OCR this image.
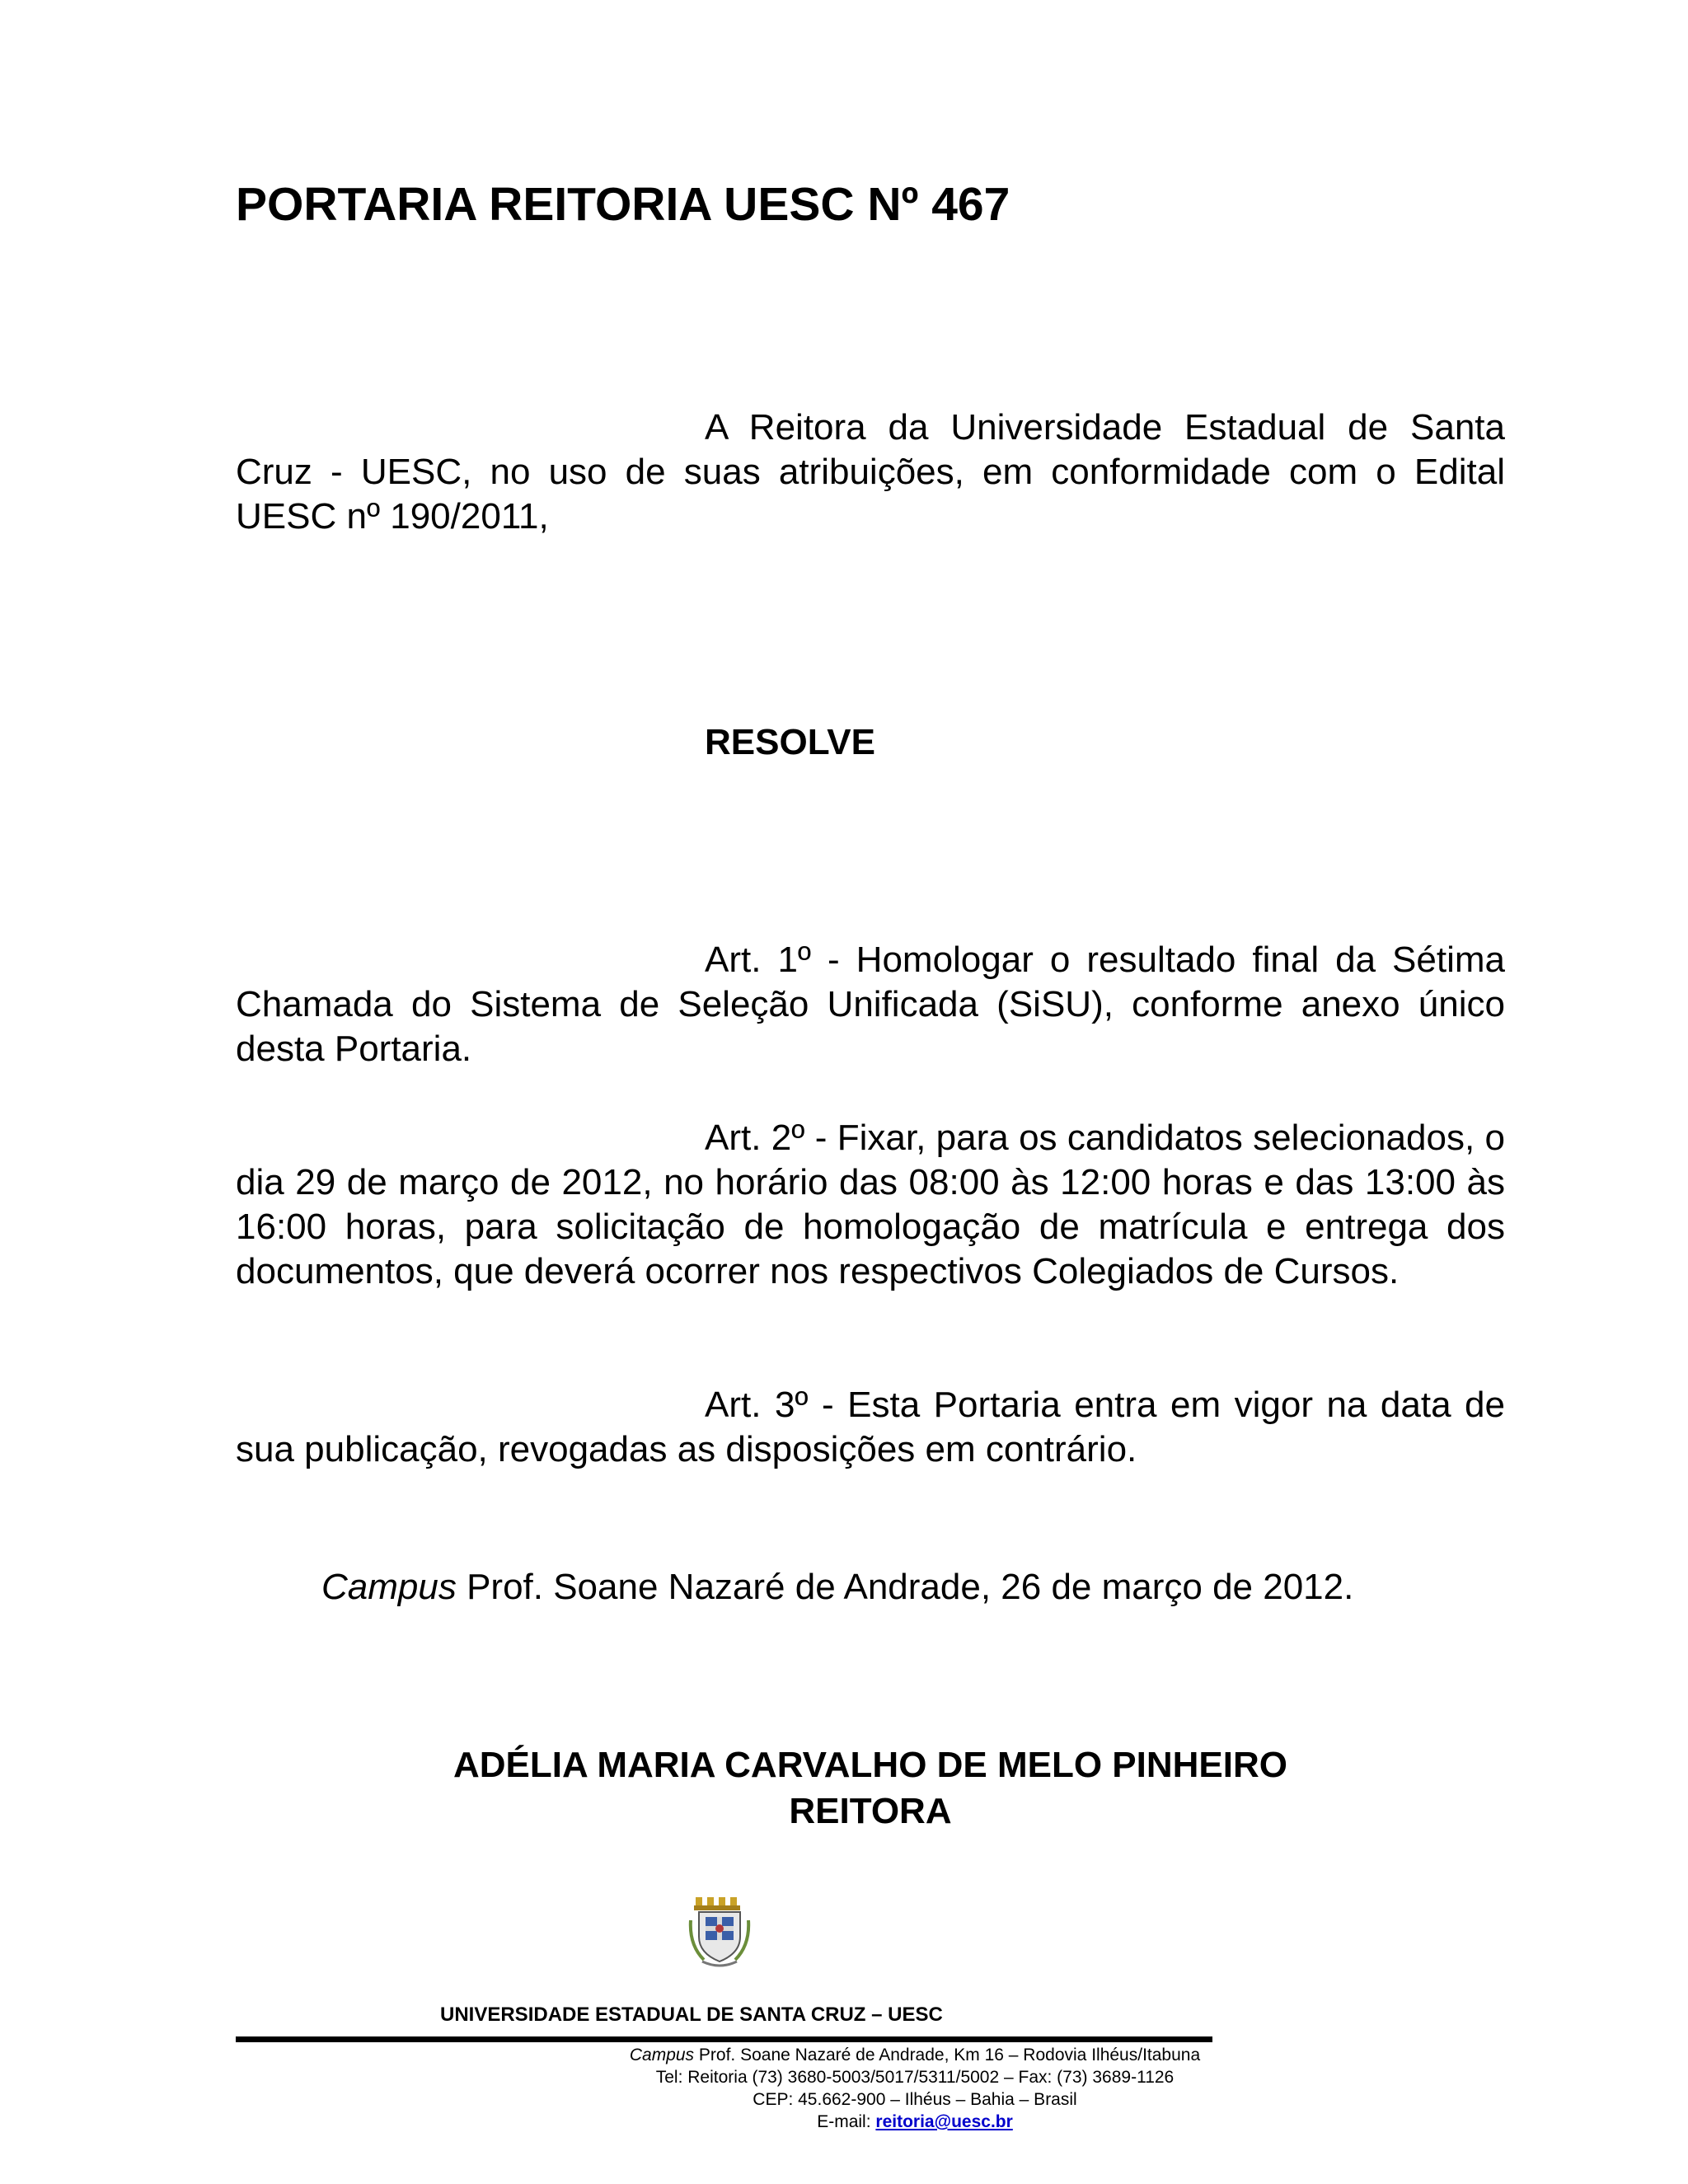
PORTARIA REITORIA UESC Nº 467

A Reitora da Universidade Estadual de Santa Cruz - UESC, no uso de suas atribuições, em conformidade com o Edital UESC nº 190/2011,

RESOLVE

Art. 1º - Homologar o resultado final da Sétima Chamada do Sistema de Seleção Unificada (SiSU), conforme anexo único desta Portaria.

Art. 2º - Fixar, para os candidatos selecionados, o dia 29 de março de 2012, no horário das 08:00 às 12:00 horas e das 13:00 às 16:00 horas, para solicitação de homologação de matrícula e entrega dos documentos, que deverá ocorrer nos respectivos Colegiados de Cursos.

Art. 3º - Esta Portaria entra em vigor na data de sua publicação, revogadas as disposições em contrário.

Campus Prof. Soane Nazaré de Andrade, 26 de março de 2012.

ADÉLIA MARIA CARVALHO DE MELO PINHEIRO
REITORA
UNIVERSIDADE ESTADUAL DE SANTA CRUZ – UESC
Campus Prof. Soane Nazaré de Andrade, Km 16 – Rodovia Ilhéus/Itabuna
Tel: Reitoria (73) 3680-5003/5017/5311/5002 – Fax: (73) 3689-1126
CEP: 45.662-900 – Ilhéus – Bahia – Brasil
E-mail: reitoria@uesc.br
